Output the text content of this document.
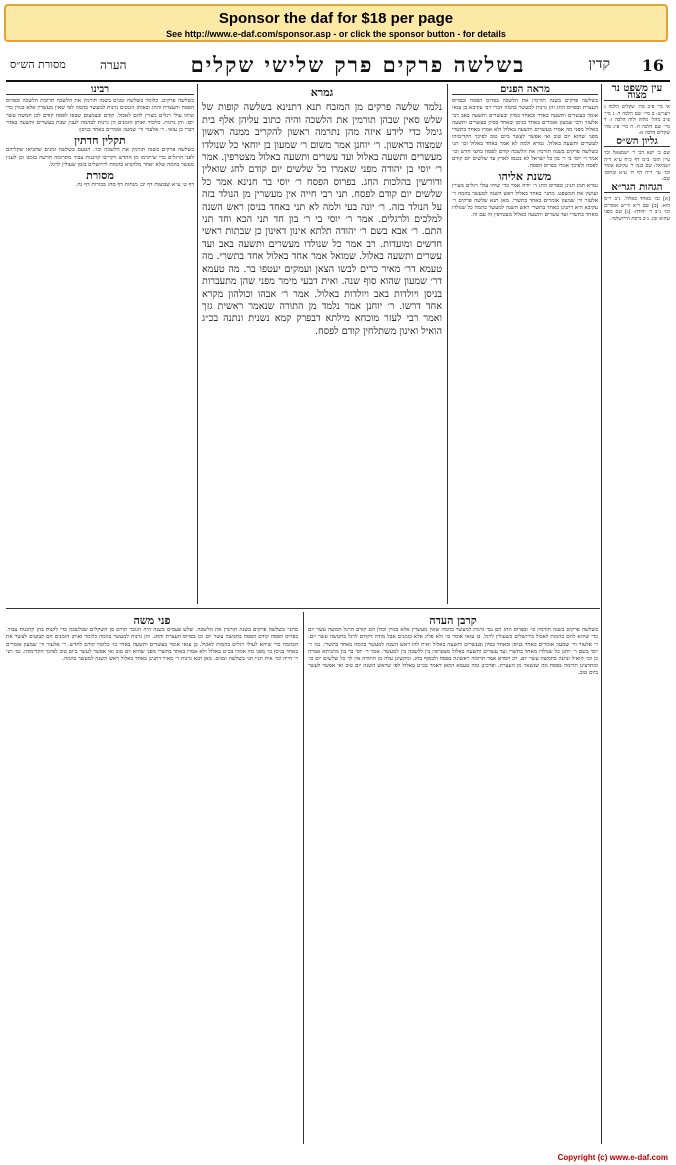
Sponsor the daf for $18 per page
See http://www.e-daf.com/sponsor.asp - or click the sponsor button - for details
16
קדין
בשלשה פרקים פרק שלישי שקלים
הערה
מסורת הש״ס
עין משפט נר מצוה

אי מיי פ״ב מה׳ שקלים הלכה ג ויעו״ש: ב מיי׳ שם הלכה ד: ג מיי׳ פ״ב מהל׳ מלוה ולוה הלכה ז: ד מיי׳ שם הלכה ח: ה מיי׳ פ״ג מה׳ שקלים הלכה א:

גליון הש״ס

שם ב׳ תנא דבי ר׳ ישמעאל וכו׳ עיין תוס׳ ב״מ דף כ״ח ע״א ד״ה ושמואל: שם בגמ׳ ר׳ עקיבא אומר וכו׳ עי׳ ר״ה דף ח׳ ע״א ובתוס׳ שם:

הגהות הגר״א

[א] גמ׳ באחד באלול. נ״ב ר״מ הוא: [ב] שם ר״א ור״ש אומרים וכו׳ נ״ב ר׳ יהודה: [ג] שם מפני שהוא זמן. נ״ב גרסת הירושלמי:

מראה הפנים

בשלשה פרקים בשנה תורמין את הלשכה בפרוס הפסח ובפרוס העצרת ובפרוס החג והן גרנות למעשר בהמה דברי רבי עקיבא בן עזאי אומר בעשרים ותשעה באדר ובאחד בסיון ובעשרים ותשעה באב רבי אלעזר ורבי שמעון אומרים באחד בניסן ובאחד בסיון בעשרים ותשעה באלול מפני מה אמרו בעשרים ותשעה באלול ולא אמרו באחד בתשרי מפני שהוא יום טוב ואי אפשר לעשר ביום טוב לפיכך הקדימוהו לעשרים ותשעה באלול. גמרא ולמה לא אמר באחד באלול וכו׳ תני בשלשה פרקים בשנה תורמין את הלשכה קודם לפסח בחצי חדש וכו׳ אמר ר׳ יוסי בי ר׳ בון כל ישראל לא נכנסו לארץ עד שלשים יום קודם לפסח ולפיכך אמרו בפרוס הפסח.

משנת אליהו

גמרא תמן תנינן ובפרוס החג ר׳ יודה אמר כדי שיהו עולי רגלים מצויין ועושין את המשפט. מתני׳ באחד באלול ראש השנה למעשר בהמה ר׳ אלעזר ור׳ שמעון אומרים באחד בתשרי. מאן תנא שלשה פרקים ר׳ עקיבא היא דתנינן באחד בתשרי ראש השנה למעשר בהמה כל שנולדו מאחד בתשרי ועד עשרים ותשעה באלול מצטרפין זה עם זה.

גמרא

נלמד שלשה פרקים מן המזבח תנא דתנינא בשלשה קופות של שלש סאין שבהן תורמין את הלשכה והיה כתוב עליהן אלף בית גימל כדי לידע איזה מהן נתרמה ראשון להקריב ממנה ראשון שמצוה בראשון. ר׳ יוחנן אמר משום ר׳ שמעון בן יוחאי כל שנולדו מעשרים ותשעה באלול ועד עשרים ותשעה באלול מצטרפין. אמר ר׳ יוסי בן יהודה מפני שאמרו כל שלשים יום קודם לחג שואלין ודורשין בהלכות החג. בפרוס הפסח ר׳ יוסי בר חנינא אמר כל שלשים יום קודם לפסח. תני רבי חייה אין מעשרין מן הנולד בזה על הנולד בזה. ר׳ יונה בעי ולמה לא תני באחד בניסן ראש השנה למלכים ולרגלים. אמר ר׳ יוסי בי ר׳ בון חד תני הכא וחד תני התם. ר׳ אבא בשם ר׳ יהודה תלתא אינון דאינון כן שבתות ראשי חדשים ומועדות. רב אמר כל שנולדו מעשרים ותשעה באב ועד עשרים ותשעה באלול. שמואל אמר אחד באלול אחד בתשרי. מה טעמא דר׳ מאיר כרים לבשו הצאן ועמקים יעטפו בר. מה טעמא דר׳ שמעון שהוא סוף שנה. ואית דבעי מימר מפני שהן מתעברות בניסן ויולדות באב ויולדות באלול. אמר ר׳ אבהו וכולהון מקרא אחד דרשו. ר׳ יוחנן אמר נלמד מן התורה שנאמר ראשית גזך ואמר רבי לעזר מוכחא מילתא דבפרק קמא נשנית ונתנה בכ״ג הואיל ואינון משתלחין קודם לפסח.

רבינו

בשלשה פרקים. כלומר בשלשה זמנים בשנה תורמין את הלשכה תרומת הלשכה ובפרוס הפסח והעצרת והחג ובאותן הזמנים גרנות למעשר בהמה לפי שאין מעשרין אלא בגורן כדי שיהו עולי רגלים מצויין להם לאכול. קודם ובצמצום שבאו לפסח קודם לכן חמשה עשר יום: והן גרנות. כלומר ואותן הזמנים הן גרנות לבהמה לענין שבת בעשרים ותשעה באדר דברי בן עזאי. ר׳ אלעזר ור׳ שמעון אומרים באחד בניסן:

תקלין חדתין

בשלשה פרקים בשנה תורמין את הלשכה וכו׳. הטעם בשלשה זמנים שהביאו שקליהם לפני הרגלים כדי שיתרמו מן החדש ויקריבו קרבנות צבור מתרומה חדשה בזמנו וכן לענין מעשר בהמה שלא יאחר מלהביא בהמות לירושלים בזמן שעולין לרגל.

מסורת

דף ט׳ ע״א שבועות דף יב: מנחות דף סח: בכורות דף נח.

קרבן העדה

בשלשה פרקים בשנה תורמין כו׳ ובפרוס החג הם נמי גרנות למעשר בהמה שאין מעשרין אלא בגורן וכולן הם קודם הרגל חמשה עשר יום כדי שיהא להם בהמות לאכול בירושלים כשעולין לרגל. בן עזאי אומר כו׳ ולא פליג אלא בזמנים אבל מודה דקודם לרגל בחמשה עשר יום. ר׳ אלעזר ור׳ שמעון אומרים באחד בניסן ובאחד בסיון ובעשרים ותשעה באלול ואית להו ראש השנה למעשר בהמה באחד בתשרי. גמ׳ ר׳ יוסי בשם ר׳ יוחנן כל שנולדו מאחד בתשרי ועד עשרים ותשעה באלול מצטרפין בין ללשכה בין למעשר. אמר ר׳ יוסי בר בון מתניתא אמרה כן וכו׳ הואיל ונתנה בחמשה עשר יום. רב חסדא אמר תרומה ראשונה בפסח ולבסוף בחג. ומקשינן עלה מן התורה אין לך כל שלשים יום כו׳ ומתרצינן תרומה בפסח מה שנשאר מן העצרת. ופרכינן ומה טעמא דמאן דאמר בכ״ט באלול לפי שראש השנה יום טוב ואי אפשר לעשר ביום טוב.

פני משה

מתני׳ בשלשה פרקים בשנה תורמין את הלשכה. שלש פעמים בשנה היה הגזבר תורם מן השקלים שבלשכה כדי לקנות בהן קרבנות צבור. בפרוס הפסח קודם הפסח בחמשה עשר יום וכן בפרוס העצרת והחג. והן גרנות למעשר בהמה כלומר ואותן הזמנים הם קבועים לעשר את הבהמה כדי שיהא לעולי רגלים בהמות לאכול. בן עזאי אומר בעשרים ותשעה באדר כו׳ כלומר קודם לחדש. ר׳ אלעזר ור׳ שמעון אומרים באחד בניסן כו׳ מפני מה אמרו בכ״ט באלול ולא אמרו באחד בתשרי מפני שהוא יום טוב ואי אפשר לעשר ביום טוב לפיכך הקדימוהו. גמ׳ תני ר׳ חייה וכו׳ אית תניי תני בשלשה זמנים. מאן תנא גרנות ר׳ מאיר דתנינן באחד באלול ראש השנה למעשר בהמה.

Copyright (c) www.e-daf.com
